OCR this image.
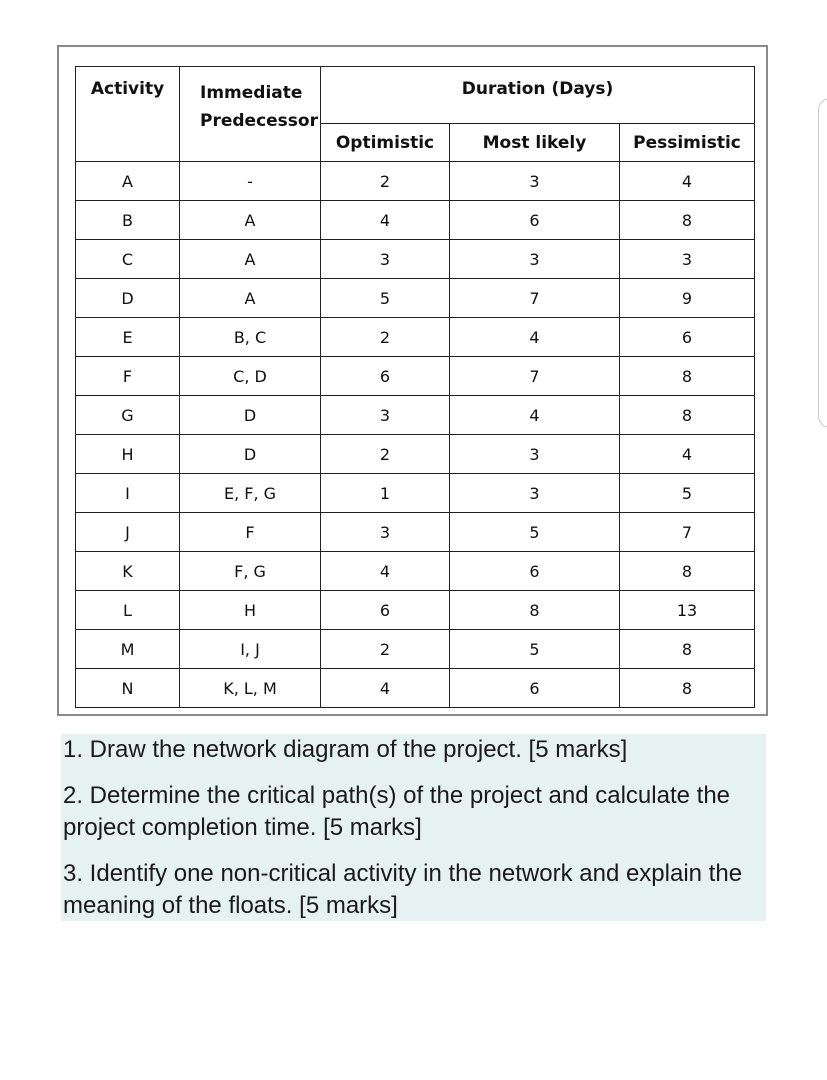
Activity	Immediate Predecessor	Duration (Days)		
		Optimistic	Most likely	Pessimistic
A	-	2	3	4
B	A	4	6	8
C	A	3	3	3
D	A	5	7	9
E	B, C	2	4	6
F	C, D	6	7	8
G	D	3	4	8
H	D	2	3	4
I	E, F, G	1	3	5
J	F	3	5	7
K	F, G	4	6	8
L	H	6	8	13
M	I, J	2	5	8
N	K, L, M	4	6	8

1. Draw the network diagram of the project. [5 marks]

2. Determine the critical path(s) of the project and calculate the project completion time. [5 marks]

3. Identify one non-critical activity in the network and explain the meaning of the floats. [5 marks]
